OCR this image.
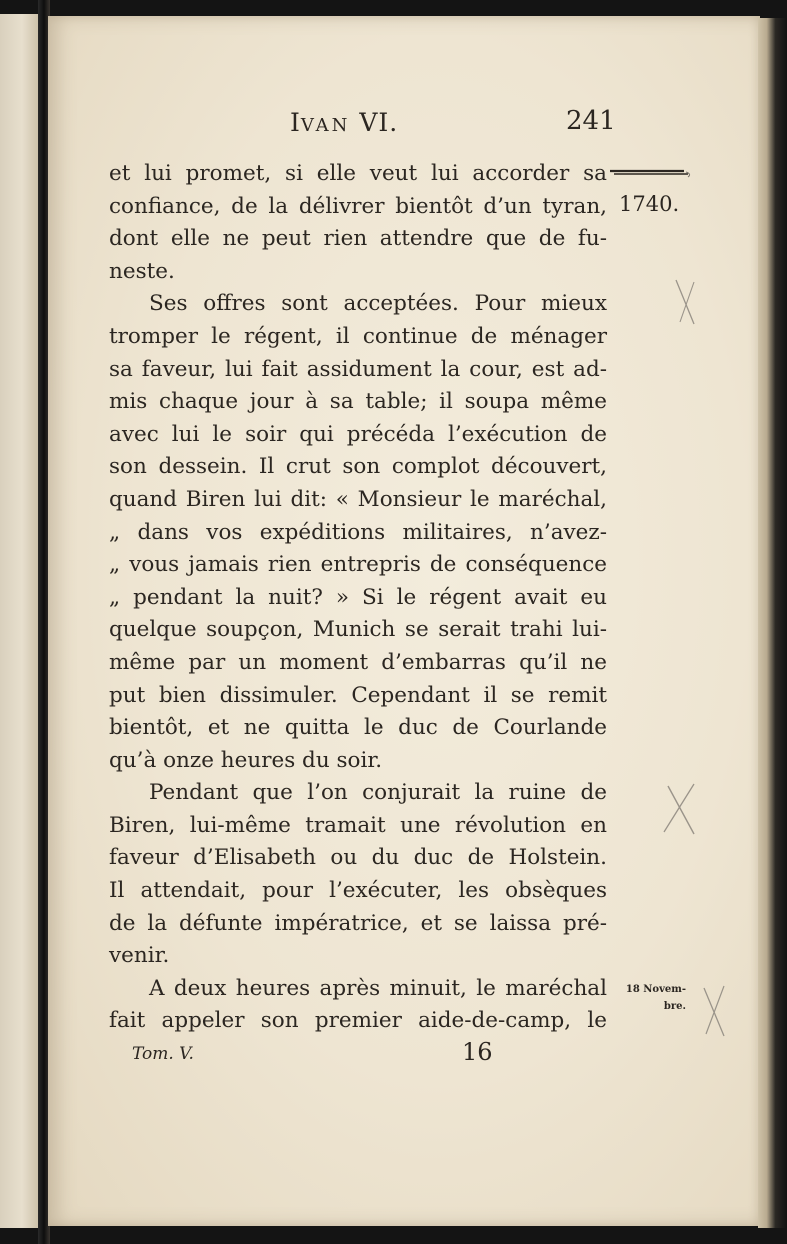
IVAN VI.	241
et lui promet, si elle veut lui accorder sa
confiance, de la délivrer bientôt d’un tyran,
dont elle ne peut rien attendre que de fu-
neste.
Ses offres sont acceptées. Pour mieux
tromper le régent, il continue de ménager
sa faveur, lui fait assidument la cour, est ad-
mis chaque jour à sa table; il soupa même
avec lui le soir qui précéda l’exécution de
son dessein. Il crut son complot découvert,
quand Biren lui dit: « Monsieur le maréchal,
„ dans vos expéditions militaires, n’avez-
„ vous jamais rien entrepris de conséquence
„ pendant la nuit? » Si le régent avait eu
quelque soupçon, Munich se serait trahi lui-
même par un moment d’embarras qu’il ne
put bien dissimuler. Cependant il se remit
bientôt, et ne quitta le duc de Courlande
qu’à onze heures du soir.
Pendant que l’on conjurait la ruine de
Biren, lui-même tramait une révolution en
faveur d’Elisabeth ou du duc de Holstein.
Il attendait, pour l’exécuter, les obsèques
de la défunte impératrice, et se laissa pré-
venir.
A deux heures après minuit, le maréchal
fait appeler son premier aide-de-camp, le
1740.
18 Novem-
bre.
Tom. V.	16
